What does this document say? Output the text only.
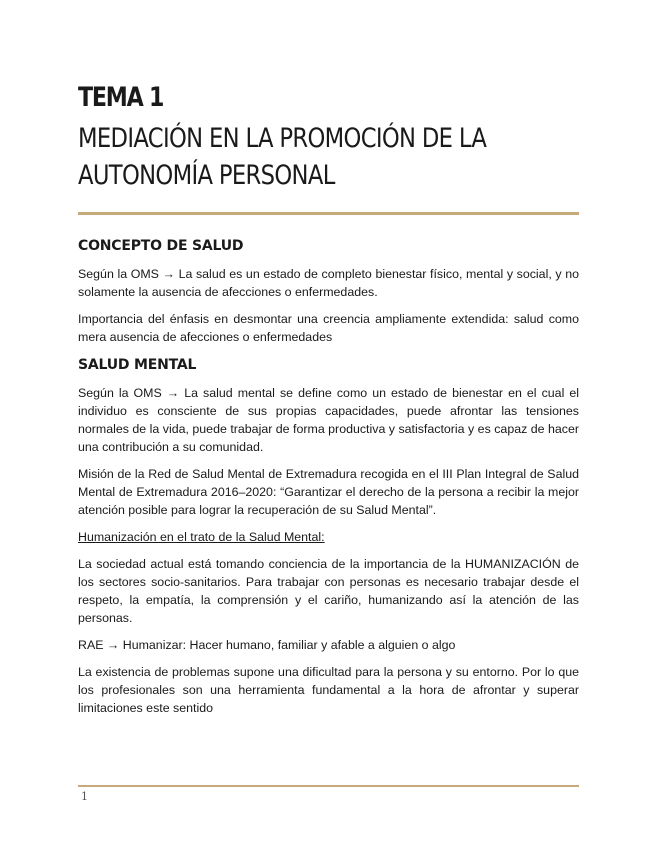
TEMA 1
MEDIACIÓN EN LA PROMOCIÓN DE LA
AUTONOMÍA PERSONAL
CONCEPTO DE SALUD

Según la OMS → La salud es un estado de completo bienestar físico, mental y social, y no solamente la ausencia de afecciones o enfermedades.

Importancia del énfasis en desmontar una creencia ampliamente extendida: salud como mera ausencia de afecciones o enfermedades

SALUD MENTAL

Según la OMS → La salud mental se define como un estado de bienestar en el cual el individuo es consciente de sus propias capacidades, puede afrontar las tensiones normales de la vida, puede trabajar de forma productiva y satisfactoria y es capaz de hacer una contribución a su comunidad.

Misión de la Red de Salud Mental de Extremadura recogida en el III Plan Integral de Salud Mental de Extremadura 2016–2020: “Garantizar el derecho de la persona a recibir la mejor atención posible para lograr la recuperación de su Salud Mental”.

Humanización en el trato de la Salud Mental:

La sociedad actual está tomando conciencia de la importancia de la HUMANIZACIÓN de los sectores socio-sanitarios. Para trabajar con personas es necesario trabajar desde el respeto, la empatía, la comprensión y el cariño, humanizando así la atención de las personas.

RAE → Humanizar: Hacer humano, familiar y afable a alguien o algo

La existencia de problemas supone una dificultad para la persona y su entorno. Por lo que los profesionales son una herramienta fundamental a la hora de afrontar y superar limitaciones este sentido

1
